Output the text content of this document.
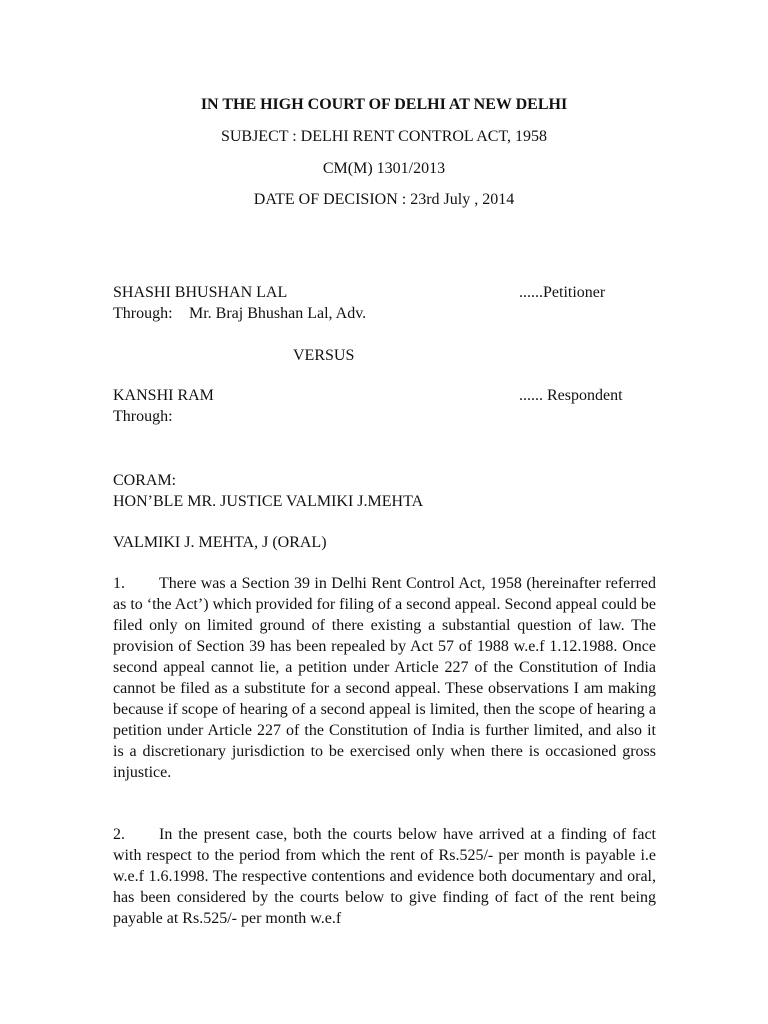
IN THE HIGH COURT OF DELHI AT NEW DELHI
SUBJECT : DELHI RENT CONTROL ACT, 1958
CM(M) 1301/2013
DATE OF DECISION : 23rd July , 2014
SHASHI BHUSHAN LAL	......Petitioner
Through: Mr. Braj Bhushan Lal, Adv.
VERSUS
KANSHI RAM	...... Respondent
Through:
CORAM:
HON’BLE MR. JUSTICE VALMIKI J.MEHTA
VALMIKI J. MEHTA, J (ORAL)
1. There was a Section 39 in Delhi Rent Control Act, 1958 (hereinafter referred as to ‘the Act’) which provided for filing of a second appeal. Second appeal could be filed only on limited ground of there existing a substantial question of law. The provision of Section 39 has been repealed by Act 57 of 1988 w.e.f 1.12.1988. Once second appeal cannot lie, a petition under Article 227 of the Constitution of India cannot be filed as a substitute for a second appeal. These observations I am making because if scope of hearing of a second appeal is limited, then the scope of hearing a petition under Article 227 of the Constitution of India is further limited, and also it is a discretionary jurisdiction to be exercised only when there is occasioned gross injustice.
2. In the present case, both the courts below have arrived at a finding of fact with respect to the period from which the rent of Rs.525/- per month is payable i.e w.e.f 1.6.1998. The respective contentions and evidence both documentary and oral, has been considered by the courts below to give finding of fact of the rent being payable at Rs.525/- per month w.e.f
